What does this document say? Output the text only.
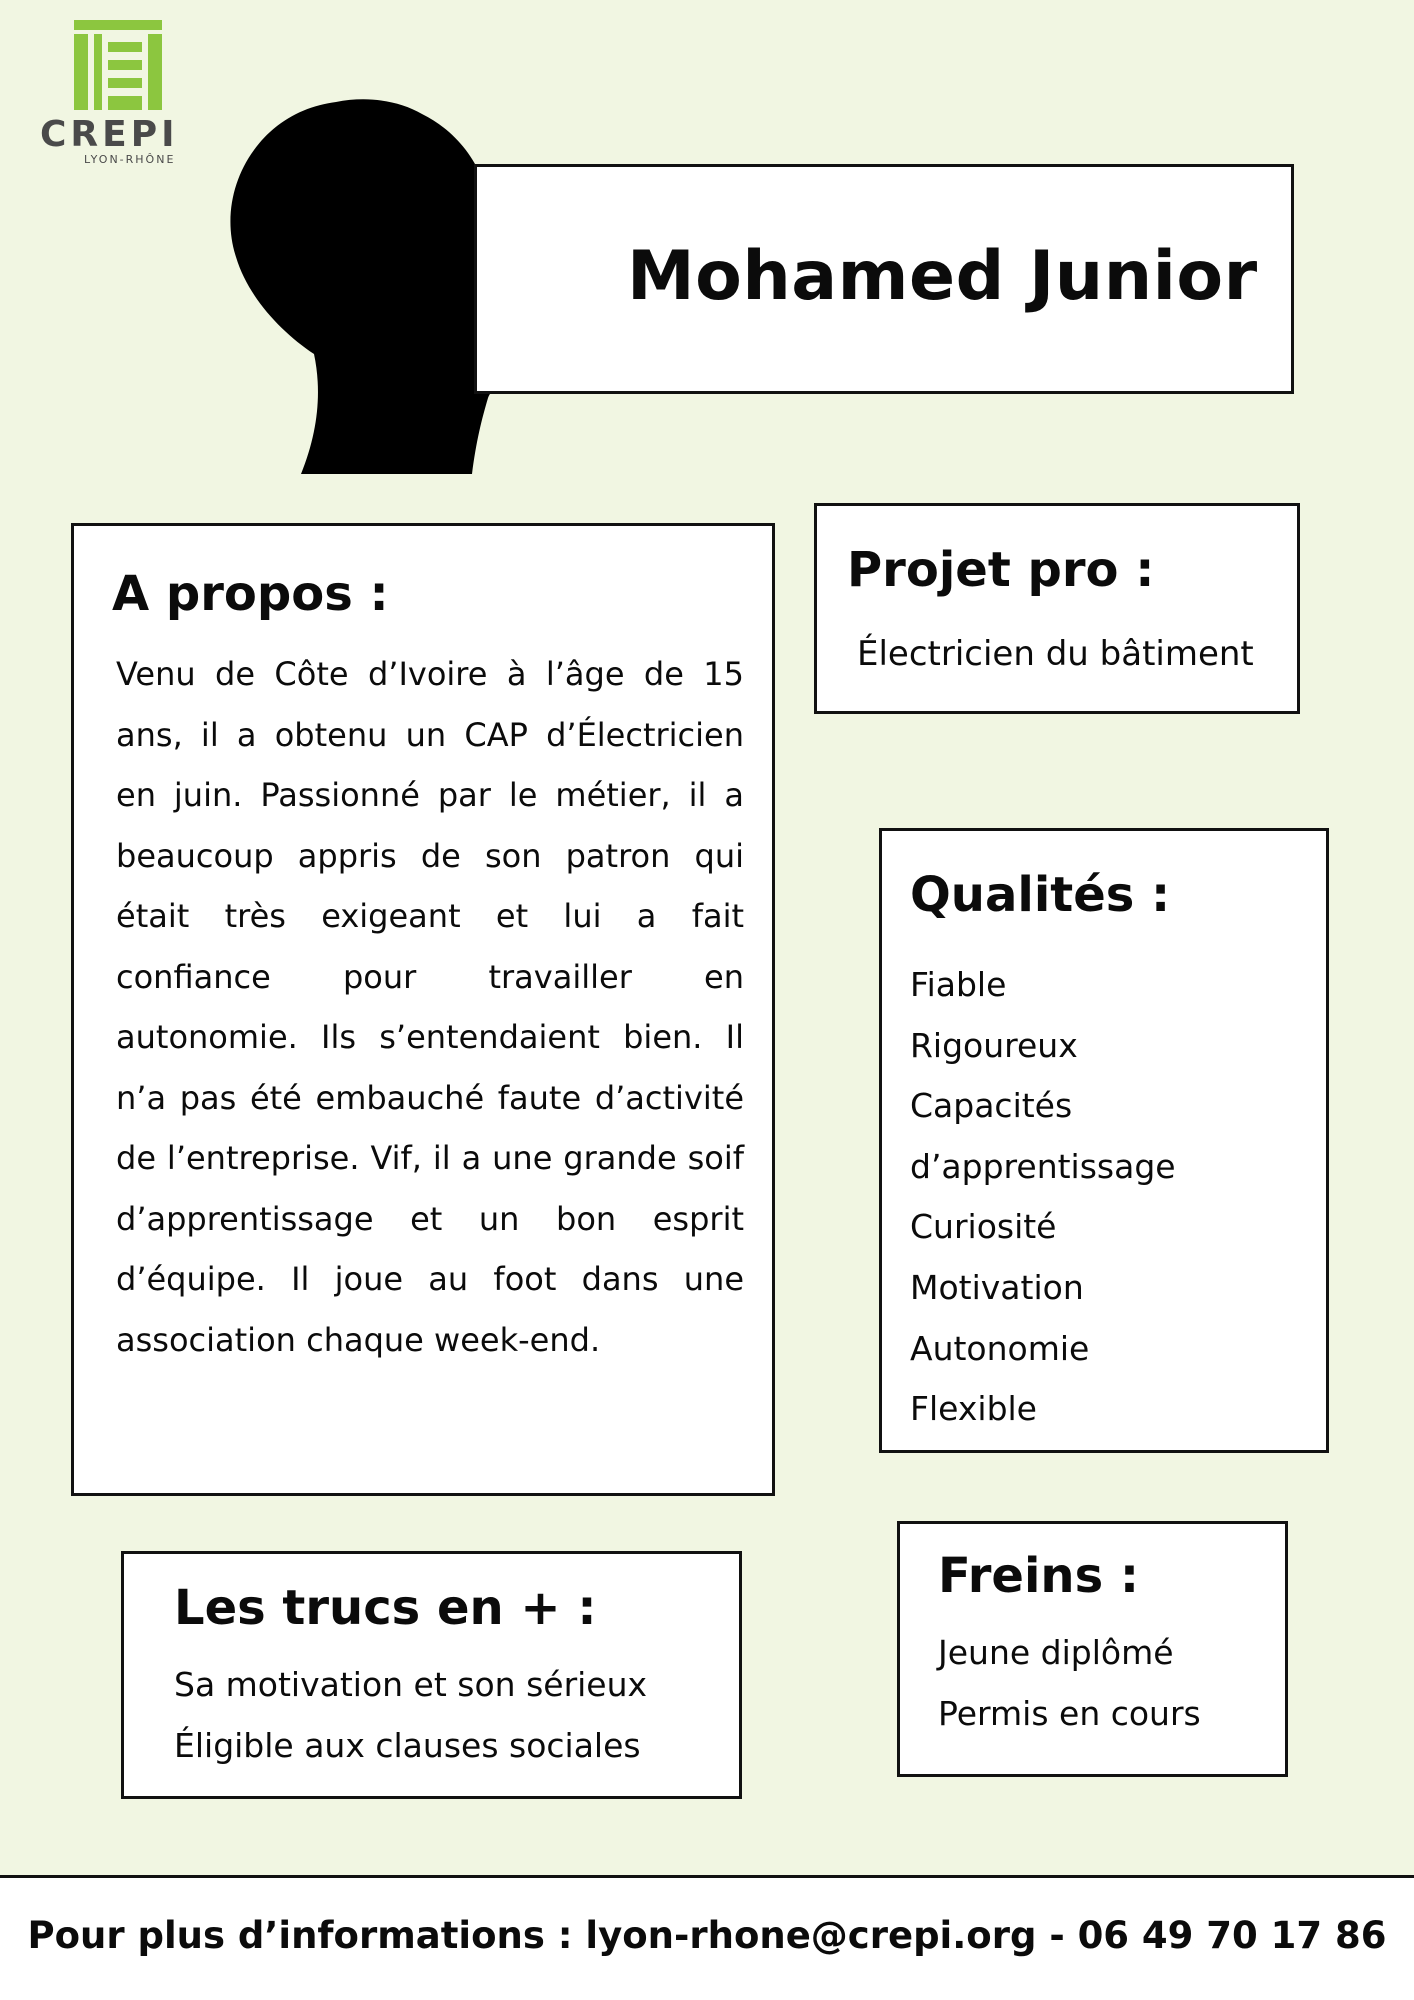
CREPI
LYON-RHÔNE
Mohamed Junior
A propos :

Venu de Côte d’Ivoire à l’âge de 15 ans, il a obtenu un CAP d’Électricien en juin. Passionné par le métier, il a beaucoup appris de son patron qui était très exigeant et lui a fait confiance pour travailler en autonomie. Ils s’entendaient bien. Il n’a pas été embauché faute d’activité de l’entreprise. Vif, il a une grande soif d’apprentissage et un bon esprit d’équipe. Il joue au foot dans une association chaque week-end.

Projet pro :
Électricien du bâtiment
Qualités :
Fiable
Rigoureux
Capacités
d’apprentissage
Curiosité
Motivation
Autonomie
Flexible
Les trucs en + :
Sa motivation et son sérieux
Éligible aux clauses sociales
Freins :
Jeune diplômé
Permis en cours
Pour plus d’informations : lyon-rhone@crepi.org - 06 49 70 17 86
